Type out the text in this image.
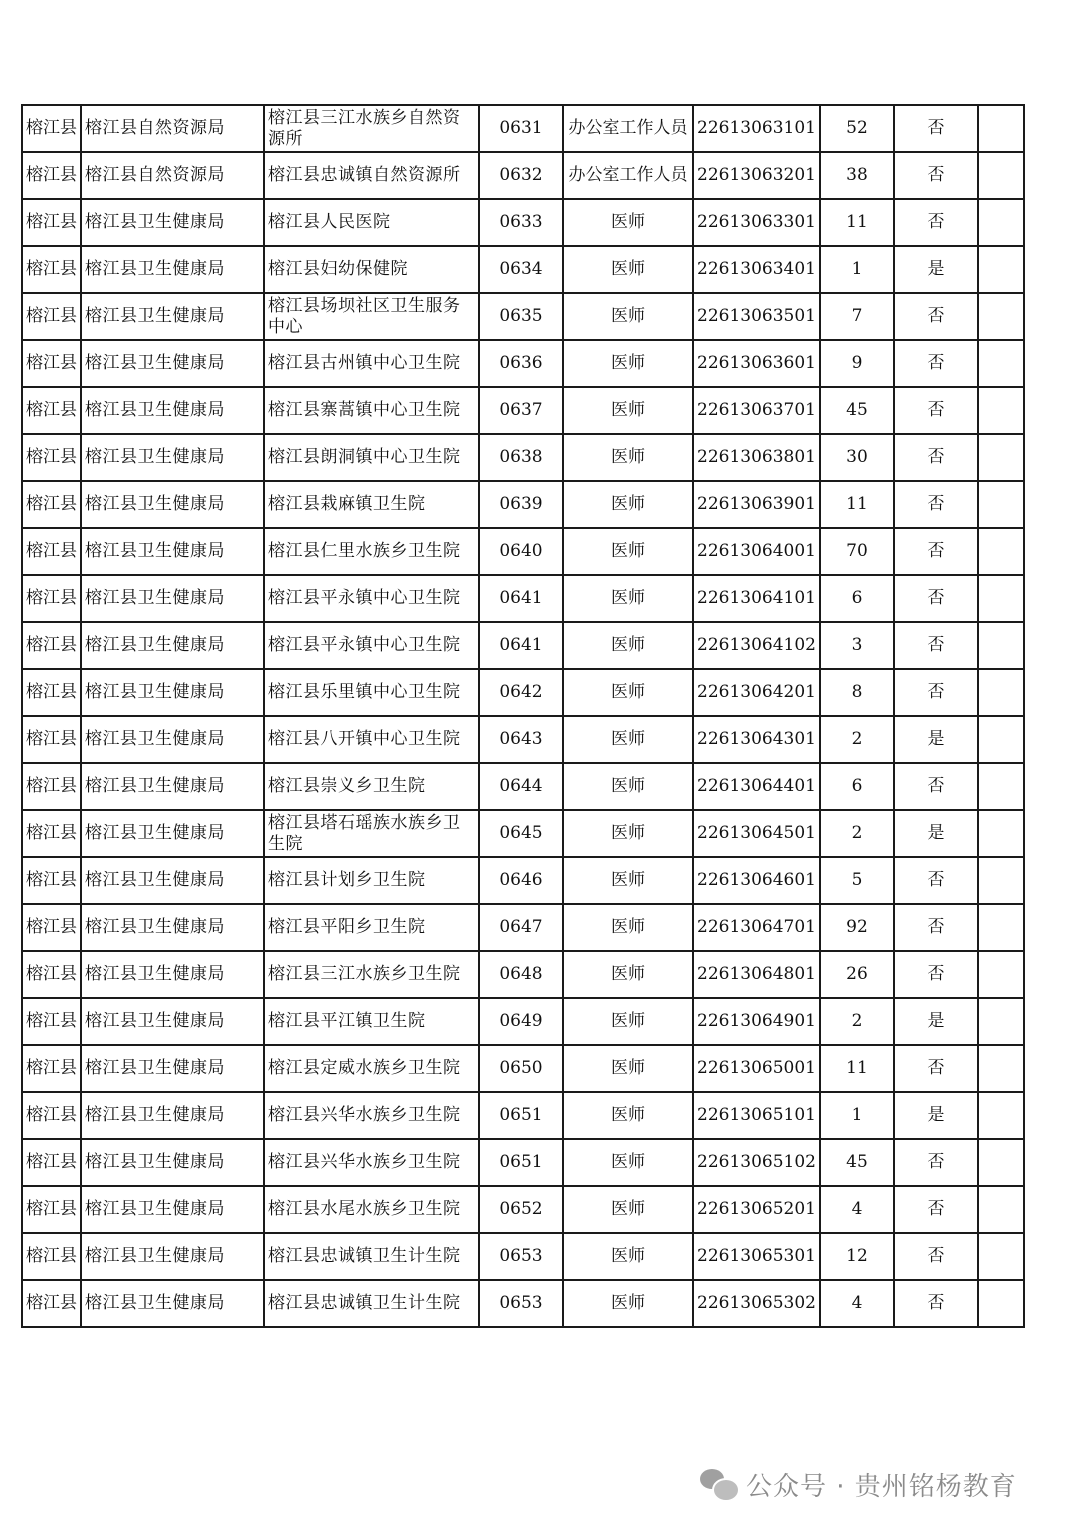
榕江县	榕江县自然资源局	榕江县三江水族乡自然资源所	0631	办公室工作人员	22613063101	52	否	
榕江县	榕江县自然资源局	榕江县忠诚镇自然资源所	0632	办公室工作人员	22613063201	38	否	
榕江县	榕江县卫生健康局	榕江县人民医院	0633	医师	22613063301	11	否	
榕江县	榕江县卫生健康局	榕江县妇幼保健院	0634	医师	22613063401	1	是	
榕江县	榕江县卫生健康局	榕江县场坝社区卫生服务中心	0635	医师	22613063501	7	否	
榕江县	榕江县卫生健康局	榕江县古州镇中心卫生院	0636	医师	22613063601	9	否	
榕江县	榕江县卫生健康局	榕江县寨蒿镇中心卫生院	0637	医师	22613063701	45	否	
榕江县	榕江县卫生健康局	榕江县朗洞镇中心卫生院	0638	医师	22613063801	30	否	
榕江县	榕江县卫生健康局	榕江县栽麻镇卫生院	0639	医师	22613063901	11	否	
榕江县	榕江县卫生健康局	榕江县仁里水族乡卫生院	0640	医师	22613064001	70	否	
榕江县	榕江县卫生健康局	榕江县平永镇中心卫生院	0641	医师	22613064101	6	否	
榕江县	榕江县卫生健康局	榕江县平永镇中心卫生院	0641	医师	22613064102	3	否	
榕江县	榕江县卫生健康局	榕江县乐里镇中心卫生院	0642	医师	22613064201	8	否	
榕江县	榕江县卫生健康局	榕江县八开镇中心卫生院	0643	医师	22613064301	2	是	
榕江县	榕江县卫生健康局	榕江县崇义乡卫生院	0644	医师	22613064401	6	否	
榕江县	榕江县卫生健康局	榕江县塔石瑶族水族乡卫生院	0645	医师	22613064501	2	是	
榕江县	榕江县卫生健康局	榕江县计划乡卫生院	0646	医师	22613064601	5	否	
榕江县	榕江县卫生健康局	榕江县平阳乡卫生院	0647	医师	22613064701	92	否	
榕江县	榕江县卫生健康局	榕江县三江水族乡卫生院	0648	医师	22613064801	26	否	
榕江县	榕江县卫生健康局	榕江县平江镇卫生院	0649	医师	22613064901	2	是	
榕江县	榕江县卫生健康局	榕江县定威水族乡卫生院	0650	医师	22613065001	11	否	
榕江县	榕江县卫生健康局	榕江县兴华水族乡卫生院	0651	医师	22613065101	1	是	
榕江县	榕江县卫生健康局	榕江县兴华水族乡卫生院	0651	医师	22613065102	45	否	
榕江县	榕江县卫生健康局	榕江县水尾水族乡卫生院	0652	医师	22613065201	4	否	
榕江县	榕江县卫生健康局	榕江县忠诚镇卫生计生院	0653	医师	22613065301	12	否	
榕江县	榕江县卫生健康局	榕江县忠诚镇卫生计生院	0653	医师	22613065302	4	否	
公众号 · 贵州铭杨教育
